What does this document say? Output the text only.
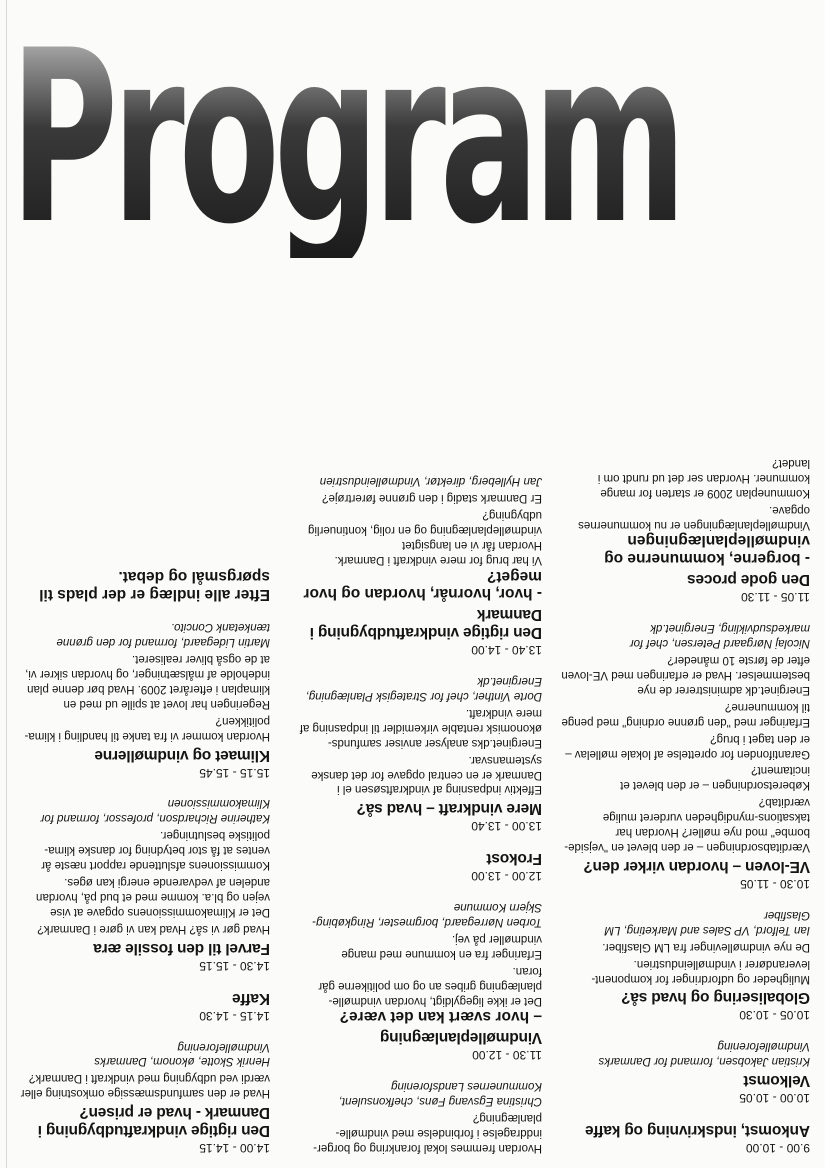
Program
9.00 - 10.00
Ankomst, indskrivning og kaffe
10.00 - 10.05
Velkomst
Kristian Jakobsen, formand for Danmarks Vindmølleforening
10.05 - 10.30
Globalisering og hvad så?
Muligheder og udfordringer for komponent-leverandører i vindmølleindustrien.
De nye vindmøllevinger fra LM Glasfiber.
Ian Telford, VP Sales and Marketing, LM Glasfiber
10.30 - 11.05
VE-loven – hvordan virker den?
Værditabsordningen – er den blevet en "vejside-bombe" mod nye møller? Hvordan har taksations-myndigheden vurderet mulige værditab?
Køberetsordningen – er den blevet et incitament?
Garantifonden for oprettelse af lokale møllelav – er den taget i brug?
Erfaringer med "den grønne ordning" med penge til kommunerne?
Energinet.dk administrerer de nye bestemmelser. Hvad er erfaringen med VE-loven efter de første 10 måneder?
Nicolaj Nørgaard Petersen, chef for markedsudvikling, Energinet.dk
11.05 - 11.30
Den gode proces
- borgerne, kommunerne og vindmølleplanlægningen
Vindmølleplanlægningen er nu kommunernes opgave.
Kommuneplan 2009 er starten for mange kommuner. Hvordan ser det ud rundt om i landet?
Hvordan fremmes lokal forankring og borger-inddragelse i forbindelse med vindmølle-planlægning?
Christina Egsvang Føns, chefkonsulent, Kommunernes Landsforening
11.30 - 12.00
Vindmølleplanlægning
– hvor svært kan det være?
Det er ikke ligegyldigt, hvordan vindmølle-planlægning gribes an og om politikerne går foran.
Erfaringer fra en kommune med mange vindmøller på vej.
Torben Nørregaard, borgmester, Ringkøbing-Skjern Kommune
12.00 - 13.00
Frokost
13.00 - 13.40
Mere vindkraft – hvad så?
Effektiv indpasning af vindkraftsøsen el i Danmark er en central opgave for det danske systemansvar.
Energinet.dks analyser anviser samfunds-økonomisk rentable virkemidler til indpasning af mere vindkraft.
Dorte Vinther, chef for Strategisk Planlægning, Energinet.dk
13.40 - 14.00
Den rigtige vindkraftudbygning i Danmark
- hvor, hvornår, hvordan og hvor meget?
Vi har brug for mere vindkraft i Danmark. Hvordan får vi en langsigtet vindmølleplanlægning og en rolig, kontinuerlig udbygning?
Er Danmark stadig i den grønne førertrøje?
Jan Hylleberg, direktør, Vindmølleindustrien
14.00 - 14.15
Den rigtige vindkraftudbygning i Danmark - hvad er prisen?
Hvad er den samfundsmæssige omkostning eller værdi ved udbygning med vindkraft i Danmark?
Henrik Skotte, økonom, Danmarks Vindmølleforening
14.15 - 14.30
Kaffe
14.30 - 15.15
Farvel til den fossile æra
Hvad gør vi så? Hvad kan vi gøre i Danmark?
Det er Klimakommissionens opgave at vise vejen og bl.a. komme med et bud på, hvordan andelen af vedvarende energi kan øges.
Kommissionens afsluttende rapport næste år ventes at få stor betydning for danske klima-politiske beslutninger.
Katherine Richardson, professor, formand for Klimakommissionen
15.15 - 15.45
Klimaet og vindmøllerne
Hvordan kommer vi fra tanke til handling i klima-politikken?
Regeringen har lovet at spille ud med en klimaplan i efteråret 2009. Hvad bør denne plan indeholde af målsætninger, og hvordan sikrer vi, at de også bliver realiseret.
Martin Lidegaard, formand for den grønne tænketank Concito.
Efter alle indlæg er der plads til spørgsmål og debat.
